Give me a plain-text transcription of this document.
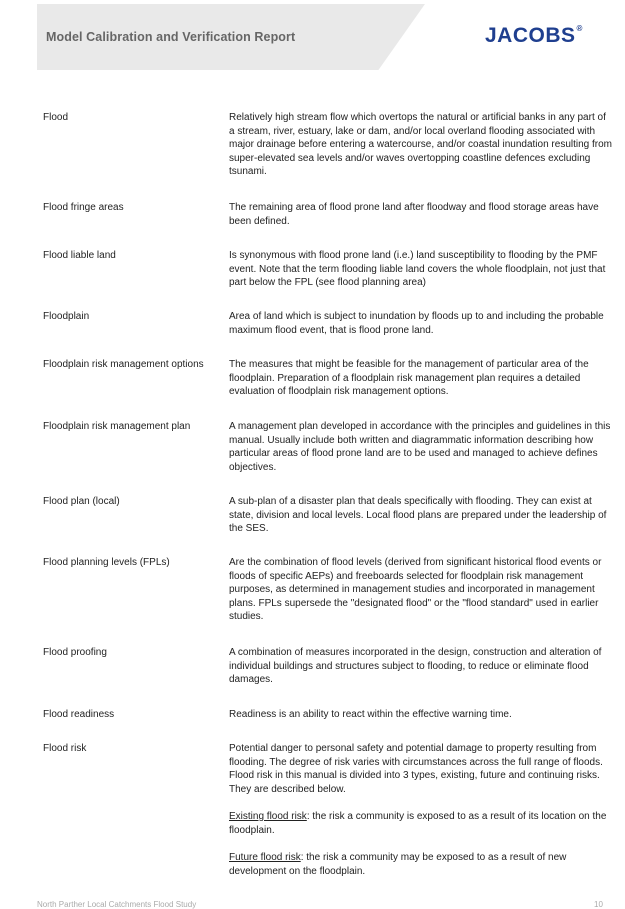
Model Calibration and Verification Report	JACOBS®
Flood	Relatively high stream flow which overtops the natural or artificial banks in any part of a stream, river, estuary, lake or dam, and/or local overland flooding associated with major drainage before entering a watercourse, and/or coastal inundation resulting from super-elevated sea levels and/or waves overtopping coastline defences excluding tsunami.
Flood fringe areas	The remaining area of flood prone land after floodway and flood storage areas have been defined.
Flood liable land	Is synonymous with flood prone land (i.e.) land susceptibility to flooding by the PMF event. Note that the term flooding liable land covers the whole floodplain, not just that part below the FPL (see flood planning area)
Floodplain	Area of land which is subject to inundation by floods up to and including the probable maximum flood event, that is flood prone land.
Floodplain risk management options	The measures that might be feasible for the management of particular area of the floodplain. Preparation of a floodplain risk management plan requires a detailed evaluation of floodplain risk management options.
Floodplain risk management plan	A management plan developed in accordance with the principles and guidelines in this manual. Usually include both written and diagrammatic information describing how particular areas of flood prone land are to be used and managed to achieve defines objectives.
Flood plan (local)	A sub-plan of a disaster plan that deals specifically with flooding. They can exist at state, division and local levels. Local flood plans are prepared under the leadership of the SES.
Flood planning levels (FPLs)	Are the combination of flood levels (derived from significant historical flood events or floods of specific AEPs) and freeboards selected for floodplain risk management purposes, as determined in management studies and incorporated in management plans. FPLs supersede the "designated flood" or the "flood standard" used in earlier studies.
Flood proofing	A combination of measures incorporated in the design, construction and alteration of individual buildings and structures subject to flooding, to reduce or eliminate flood damages.
Flood readiness	Readiness is an ability to react within the effective warning time.
Flood risk	Potential danger to personal safety and potential damage to property resulting from flooding. The degree of risk varies with circumstances across the full range of floods. Flood risk in this manual is divided into 3 types, existing, future and continuing risks. They are described below.

Existing flood risk: the risk a community is exposed to as a result of its location on the floodplain.

Future flood risk: the risk a community may be exposed to as a result of new development on the floodplain.

North Parther Local Catchments Flood Study	10
